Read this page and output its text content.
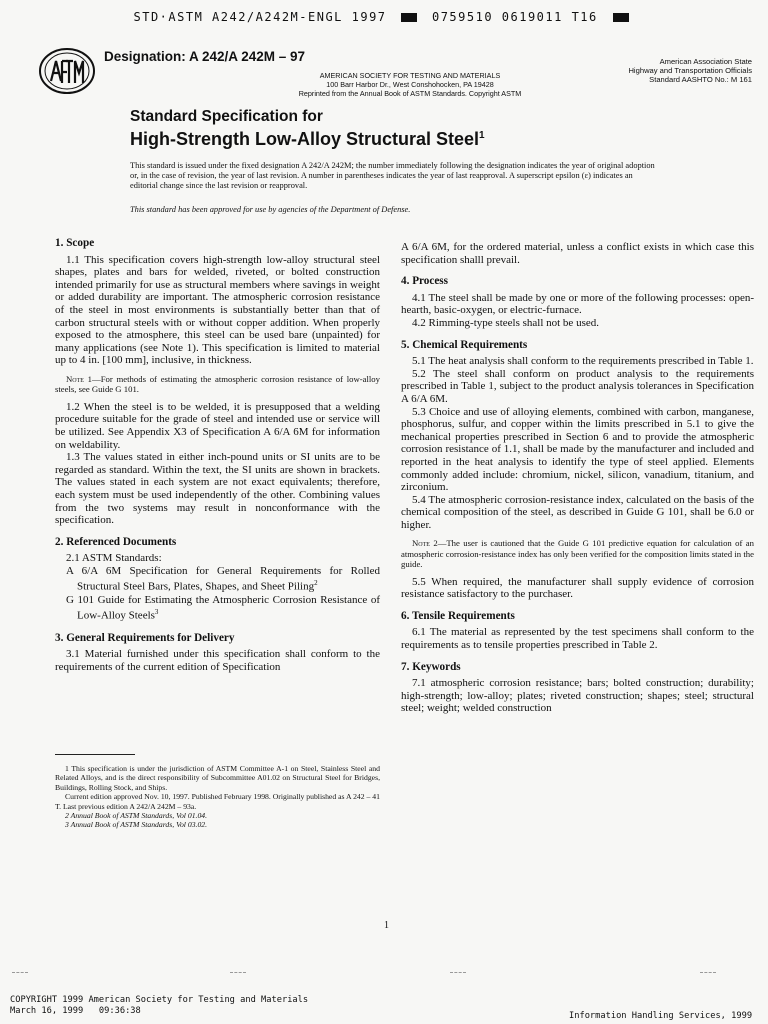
STD·ASTM A242/A242M-ENGL 1997	0759510 0619011 T16
Designation: A 242/A 242M – 97
AMERICAN SOCIETY FOR TESTING AND MATERIALS
100 Barr Harbor Dr., West Conshohocken, PA 19428
Reprinted from the Annual Book of ASTM Standards. Copyright ASTM
American Association State
Highway and Transportation Officials
Standard AASHTO No.: M 161
Standard Specification for
High-Strength Low-Alloy Structural Steel$^1$
This standard is issued under the fixed designation A 242/A 242M; the number immediately following the designation indicates the year of original adoption or, in the case of revision, the year of last revision. A number in parentheses indicates the year of last reapproval. A superscript epsilon (ε) indicates an editorial change since the last revision or reapproval.
This standard has been approved for use by agencies of the Department of Defense.
1. Scope

1.1 This specification covers high-strength low-alloy structural steel shapes, plates and bars for welded, riveted, or bolted construction intended primarily for use as structural members where savings in weight or added durability are important. The atmospheric corrosion resistance of the steel in most environments is substantially better than that of carbon structural steels with or without copper addition. When properly exposed to the atmosphere, this steel can be used bare (unpainted) for many applications (see Note 1). This specification is limited to material up to 4 in. [100 mm], inclusive, in thickness.

Note 1—For methods of estimating the atmospheric corrosion resistance of low-alloy steels, see Guide G 101.

1.2 When the steel is to be welded, it is presupposed that a welding procedure suitable for the grade of steel and intended use or service will be utilized. See Appendix X3 of Specification A 6/A 6M for information on weldability.

1.3 The values stated in either inch-pound units or SI units are to be regarded as standard. Within the text, the SI units are shown in brackets. The values stated in each system are not exact equivalents; therefore, each system must be used independently of the other. Combining values from the two systems may result in nonconformance with the specification.

2. Referenced Documents

2.1 ASTM Standards:

A 6/A 6M Specification for General Requirements for Rolled Structural Steel Bars, Plates, Shapes, and Sheet Piling$^2$
G 101 Guide for Estimating the Atmospheric Corrosion Resistance of Low-Alloy Steels$^3$
3. General Requirements for Delivery

3.1 Material furnished under this specification shall conform to the requirements of the current edition of Specification

A 6/A 6M, for the ordered material, unless a conflict exists in which case this specification shalll prevail.

4. Process

4.1 The steel shall be made by one or more of the following processes: open-hearth, basic-oxygen, or electric-furnace.

4.2 Rimming-type steels shall not be used.

5. Chemical Requirements

5.1 The heat analysis shall conform to the requirements prescribed in Table 1.

5.2 The steel shall conform on product analysis to the requirements prescribed in Table 1, subject to the product analysis tolerances in Specification A 6/A 6M.

5.3 Choice and use of alloying elements, combined with carbon, manganese, phosphorus, sulfur, and copper within the limits prescribed in 5.1 to give the mechanical properties prescribed in Section 6 and to provide the atmospheric corrosion resistance of 1.1, shall be made by the manufacturer and included and reported in the heat analysis to identify the type of steel applied. Elements commonly added include: chromium, nickel, silicon, vanadium, titanium, and zirconium.

5.4 The atmospheric corrosion-resistance index, calculated on the basis of the chemical composition of the steel, as described in Guide G 101, shall be 6.0 or higher.

Note 2—The user is cautioned that the Guide G 101 predictive equation for calculation of an atmospheric corrosion-resistance index has only been verified for the composition limits stated in the guide.

5.5 When required, the manufacturer shall supply evidence of corrosion resistance satisfactory to the purchaser.

6. Tensile Requirements

6.1 The material as represented by the test specimens shall conform to the requirements as to tensile properties prescribed in Table 2.

7. Keywords

7.1 atmospheric corrosion resistance; bars; bolted construction; durability; high-strength; low-alloy; plates; riveted construction; shapes; steel; structural steel; weight; welded construction

1 This specification is under the jurisdiction of ASTM Committee A-1 on Steel, Stainless Steel and Related Alloys, and is the direct responsibility of Subcommittee A01.02 on Structural Steel for Bridges, Buildings, Rolling Stock, and Ships.

Current edition approved Nov. 10, 1997. Published February 1998. Originally published as A 242 – 41 T. Last previous edition A 242/A 242M – 93a.

2 Annual Book of ASTM Standards, Vol 01.04.

3 Annual Book of ASTM Standards, Vol 03.02.

1
COPYRIGHT 1999 American Society for Testing and Materials
March 16, 1999   09:36:38
Information Handling Services, 1999
